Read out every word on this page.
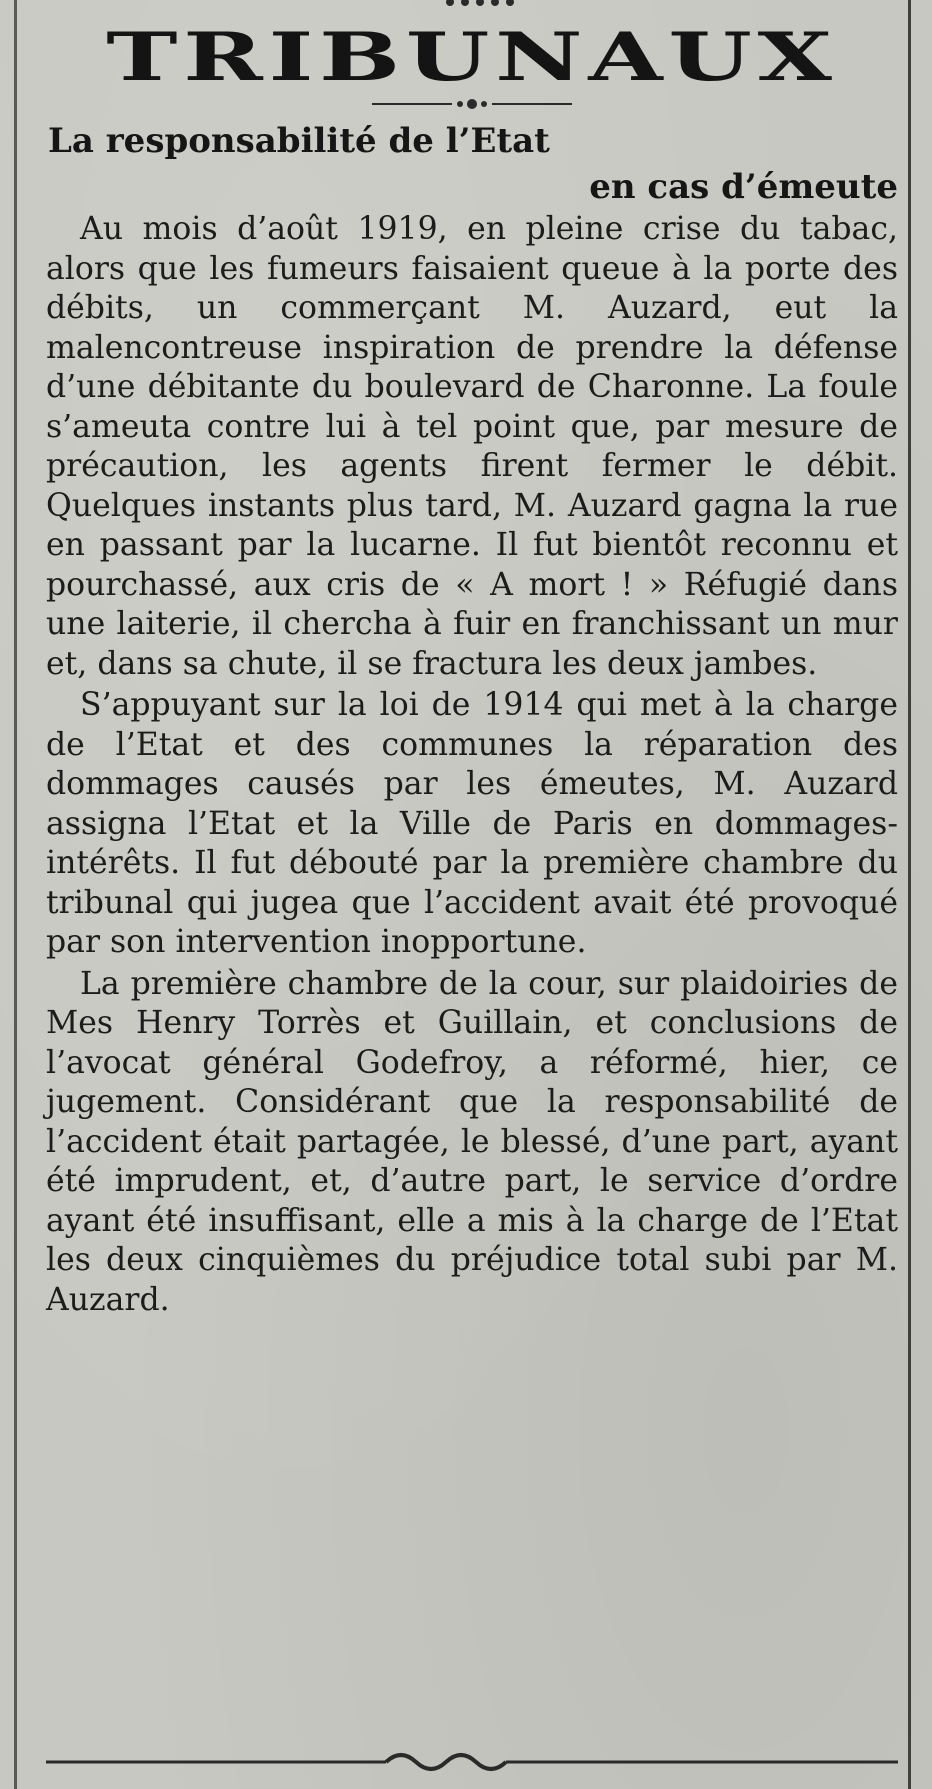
TRIBUNAUX
La responsabilité de l’Etat
en cas d’émeute

Au mois d’août 1919, en pleine crise du tabac, alors que les fumeurs faisaient queue à la porte des débits, un commerçant M. Auzard, eut la malencontreuse inspiration de prendre la défense d’une débitante du boulevard de Charonne. La foule s’ameuta contre lui à tel point que, par mesure de précaution, les agents firent fermer le débit. Quelques instants plus tard, M. Auzard gagna la rue en passant par la lucarne. Il fut bientôt reconnu et pourchassé, aux cris de « A mort ! » Réfugié dans une laiterie, il chercha à fuir en franchissant un mur et, dans sa chute, il se fractura les deux jambes.

S’appuyant sur la loi de 1914 qui met à la charge de l’Etat et des communes la réparation des dommages causés par les émeutes, M. Auzard assigna l’Etat et la Ville de Paris en dommages-intérêts. Il fut débouté par la première chambre du tribunal qui jugea que l’accident avait été provoqué par son intervention inopportune.

La première chambre de la cour, sur plaidoiries de Mes Henry Torrès et Guillain, et conclusions de l’avocat général Godefroy, a réformé, hier, ce jugement. Considérant que la responsabilité de l’accident était partagée, le blessé, d’une part, ayant été imprudent, et, d’autre part, le service d’ordre ayant été insuffisant, elle a mis à la charge de l’Etat les deux cinquièmes du préjudice total subi par M. Auzard.
